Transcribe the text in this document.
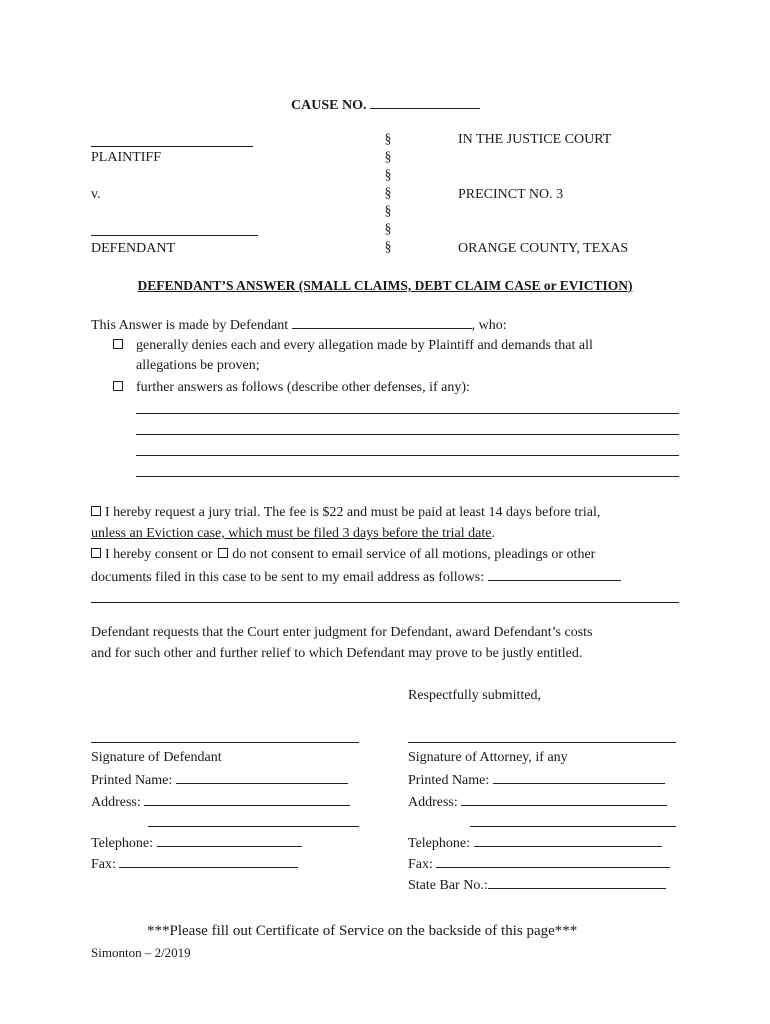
CAUSE NO.
PLAINTIFF
v.
DEFENDANT
§
§
§
§
§
§
§
IN THE JUSTICE COURT
PRECINCT NO. 3
ORANGE COUNTY, TEXAS
DEFENDANT’S ANSWER (SMALL CLAIMS, DEBT CLAIM CASE or EVICTION)
This Answer is made by Defendant	, who:
generally denies each and every allegation made by Plaintiff and demands that all
allegations be proven;
further answers as follows (describe other defenses, if any):
I hereby request a jury trial. The fee is $22 and must be paid at least 14 days before trial,
unless an Eviction case, which must be filed 3 days before the trial date.
I hereby consent or do not consent to email service of all motions, pleadings or other
documents filed in this case to be sent to my email address as follows:
Defendant requests that the Court enter judgment for Defendant, award Defendant’s costs
and for such other and further relief to which Defendant may prove to be justly entitled.
Respectfully submitted,
Signature of Defendant
Printed Name:
Address:
Telephone:
Fax:
Signature of Attorney, if any
Printed Name:
Address:
Telephone:
Fax:
State Bar No.:
***Please fill out Certificate of Service on the backside of this page***
Simonton – 2/2019
